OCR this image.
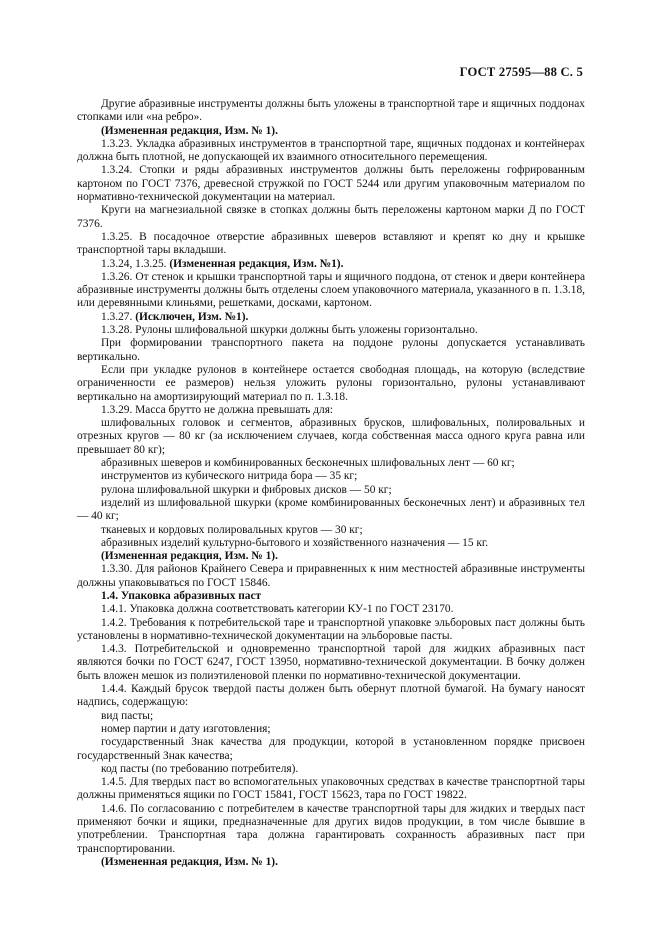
ГОСТ 27595—88 С. 5

Другие абразивные инструменты должны быть уложены в транспортной таре и ящичных поддонах стопками или «на ребро».

(Измененная редакция, Изм. № 1).

1.3.23. Укладка абразивных инструментов в транспортной таре, ящичных поддонах и контейнерах должна быть плотной, не допускающей их взаимного относительного перемещения.

1.3.24. Стопки и ряды абразивных инструментов должны быть переложены гофрированным картоном по ГОСТ 7376, древесной стружкой по ГОСТ 5244 или другим упаковочным материалом по нормативно-технической документации на материал.

Круги на магнезиальной связке в стопках должны быть переложены картоном марки Д по ГОСТ 7376.

1.3.25. В посадочное отверстие абразивных шеверов вставляют и крепят ко дну и крышке транспортной тары вкладыши.

1.3.24, 1.3.25. (Измененная редакция, Изм. №1).

1.3.26. От стенок и крышки транспортной тары и ящичного поддона, от стенок и двери контейнера абразивные инструменты должны быть отделены слоем упаковочного материала, указанного в п. 1.3.18, или деревянными клиньями, решетками, досками, картоном.

1.3.27. (Исключен, Изм. №1).

1.3.28. Рулоны шлифовальной шкурки должны быть уложены горизонтально.

При формировании транспортного пакета на поддоне рулоны допускается устанавливать вертикально.

Если при укладке рулонов в контейнере остается свободная площадь, на которую (вследствие ограниченности ее размеров) нельзя уложить рулоны горизонтально, рулоны устанавливают вертикально на амортизирующий материал по п. 1.3.18.

1.3.29. Масса брутто не должна превышать для:

шлифовальных головок и сегментов, абразивных брусков, шлифовальных, полировальных и отрезных кругов — 80 кг (за исключением случаев, когда собственная масса одного круга равна или превышает 80 кг);

абразивных шеверов и комбинированных бесконечных шлифовальных лент — 60 кг;

инструментов из кубического нитрида бора — 35 кг;

рулона шлифовальной шкурки и фибровых дисков — 50 кг;

изделий из шлифовальной шкурки (кроме комбинированных бесконечных лент) и абразивных тел — 40 кг;

тканевых и кордовых полировальных кругов — 30 кг;

абразивных изделий культурно-бытового и хозяйственного назначения — 15 кг.

(Измененная редакция, Изм. № 1).

1.3.30. Для районов Крайнего Севера и приравненных к ним местностей абразивные инструменты должны упаковываться по ГОСТ 15846.

1.4. Упаковка абразивных паст

1.4.1. Упаковка должна соответствовать категории КУ-1 по ГОСТ 23170.

1.4.2. Требования к потребительской таре и транспортной упаковке эльборовых паст должны быть установлены в нормативно-технической документации на эльборовые пасты.

1.4.3. Потребительской и одновременно транспортной тарой для жидких абразивных паст являются бочки по ГОСТ 6247, ГОСТ 13950, нормативно-технической документации. В бочку должен быть вложен мешок из полиэтиленовой пленки по нормативно-технической документации.

1.4.4. Каждый брусок твердой пасты должен быть обернут плотной бумагой. На бумагу наносят надпись, содержащую:

вид пасты;

номер партии и дату изготовления;

государственный Знак качества для продукции, которой в установленном порядке присвоен государственный Знак качества;

код пасты (по требованию потребителя).

1.4.5. Для твердых паст во вспомогательных упаковочных средствах в качестве транспортной тары должны применяться ящики по ГОСТ 15841, ГОСТ 15623, тара по ГОСТ 19822.

1.4.6. По согласованию с потребителем в качестве транспортной тары для жидких и твердых паст применяют бочки и ящики, предназначенные для других видов продукции, в том числе бывшие в употреблении. Транспортная тара должна гарантировать сохранность абразивных паст при транспортировании.

(Измененная редакция, Изм. № 1).
